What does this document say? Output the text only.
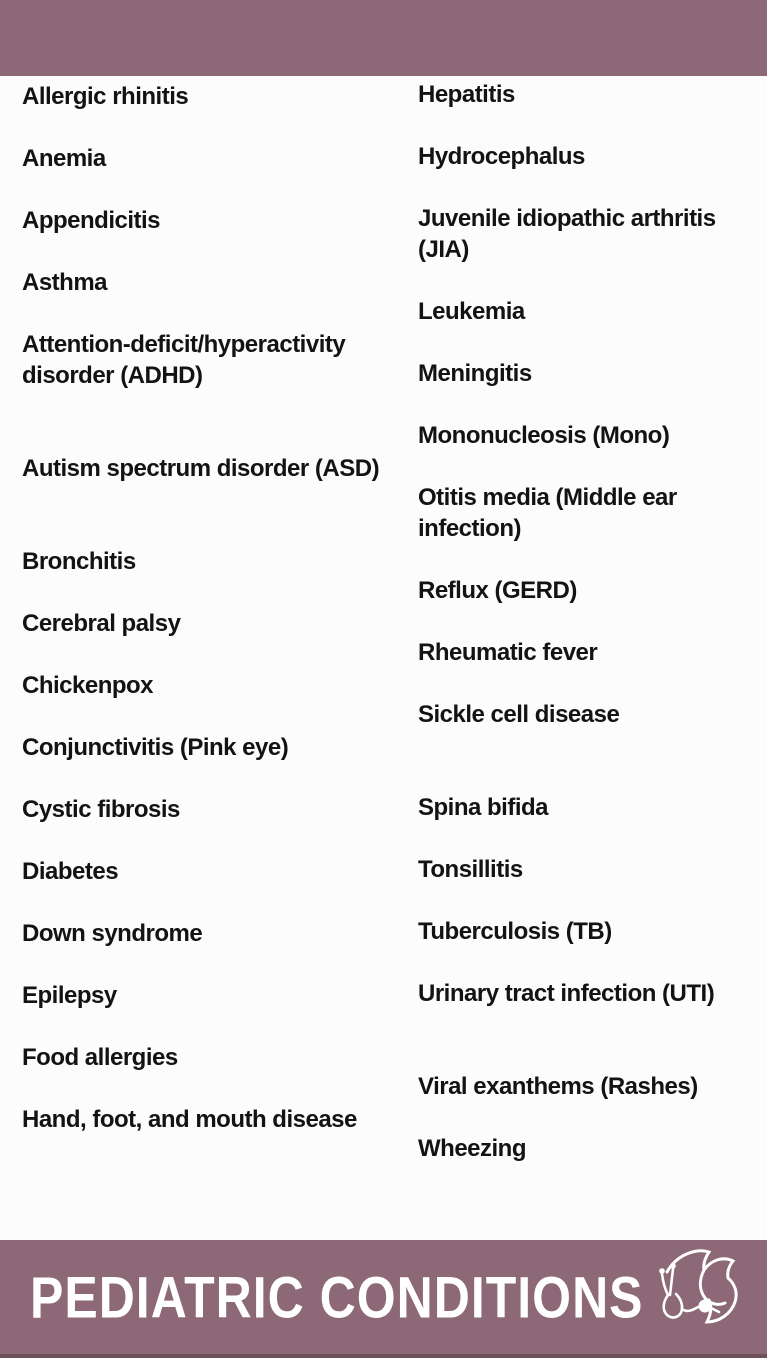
Allergic rhinitis
Anemia
Appendicitis
Asthma
Attention-deficit/hyperactivity disorder (ADHD)
Autism spectrum disorder (ASD)
Bronchitis
Cerebral palsy
Chickenpox
Conjunctivitis (Pink eye)
Cystic fibrosis
Diabetes
Down syndrome
Epilepsy
Food allergies
Hand, foot, and mouth disease
Hepatitis
Hydrocephalus
Juvenile idiopathic arthritis (JIA)
Leukemia
Meningitis
Mononucleosis (Mono)
Otitis media (Middle ear infection)
Reflux (GERD)
Rheumatic fever
Sickle cell disease
Spina bifida
Tonsillitis
Tuberculosis (TB)
Urinary tract infection (UTI)
Viral exanthems (Rashes)
Wheezing
PEDIATRIC CONDITIONS
